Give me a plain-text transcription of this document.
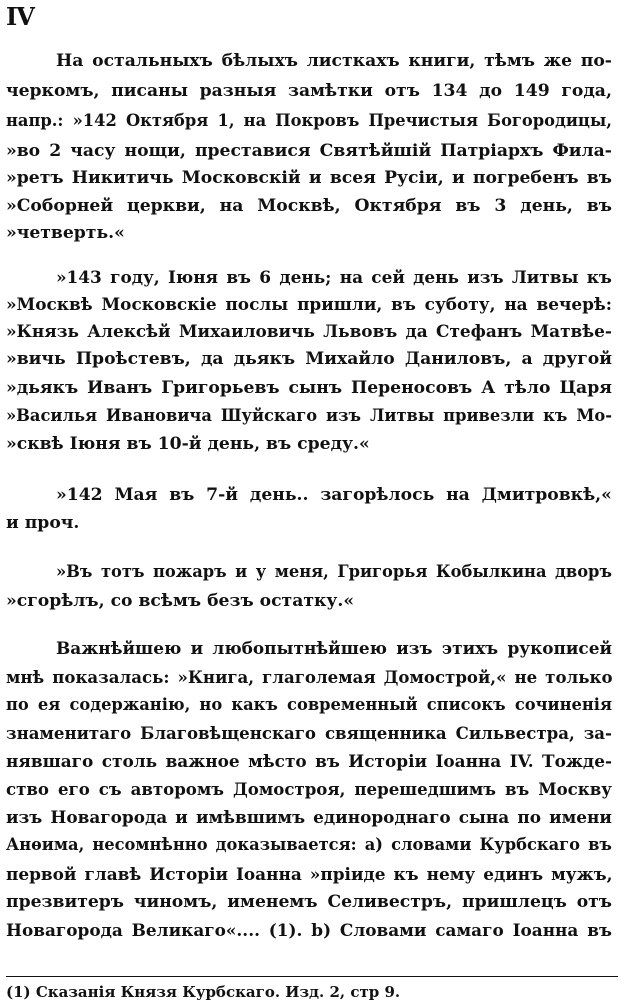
IV
На остальныхъ бѣлыхъ листкахъ книги, тѣмъ же по-
черкомъ, писаны разныя замѣтки отъ 134 до 149 года,
напр.: »142 Октября 1, на Покровъ Пречистыя Богородицы,
»во 2 часу нощи, преставися Святѣйшій Патріархъ Фила-
»ретъ Никитичь Московскій и всея Русіи, и погребенъ въ
»Соборней церкви, на Москвѣ, Октября въ 3 день, въ
»четверть.«
»143 году, Іюня въ 6 день; на сей день изъ Литвы къ
»Москвѣ Московскіе послы пришли, въ суботу, на вечерѣ:
»Князь Алексѣй Михаиловичь Львовъ да Стефанъ Матвѣе-
»вичь Проѣстевъ, да дьякъ Михайло Даниловъ, а другой
»дьякъ Иванъ Григорьевъ сынъ Переносовъ А тѣло Царя
»Василья Ивановича Шуйскаго изъ Литвы привезли къ Мо-
»сквѣ Іюня въ 10-й день, въ среду.«
»142 Мая въ 7-й день.. загорѣлось на Дмитровкѣ,«
и проч.
»Въ тотъ пожаръ и у меня, Григорья Кобылкина дворъ
»сгорѣлъ, со всѣмъ безъ остатку.«
Важнѣйшею и любопытнѣйшею изъ этихъ рукописей
мнѣ показалась: »Книга, глаголемая Домострой,« не только
по ея содержанію, но какъ современный списокъ сочиненія
знаменитаго Благовѣщенскаго священника Сильвестра, за-
нявшаго столь важное мѣсто въ Исторіи Іоанна IV. Тожде-
ство его съ авторомъ Домостроя, перешедшимъ въ Москву
изъ Новагорода и имѣвшимъ единороднаго сына по имени
Анѳима, несомнѣнно доказывается: а) словами Курбскаго въ
первой главѣ Исторіи Іоанна »пріиде къ нему единъ мужъ,
презвитеръ чиномъ, именемъ Селивестръ, пришлецъ отъ
Новагорода Великаго«.... (1). b) Словами самаго Іоанна въ
(1) Сказанія Князя Курбскаго. Изд. 2, стр 9.
